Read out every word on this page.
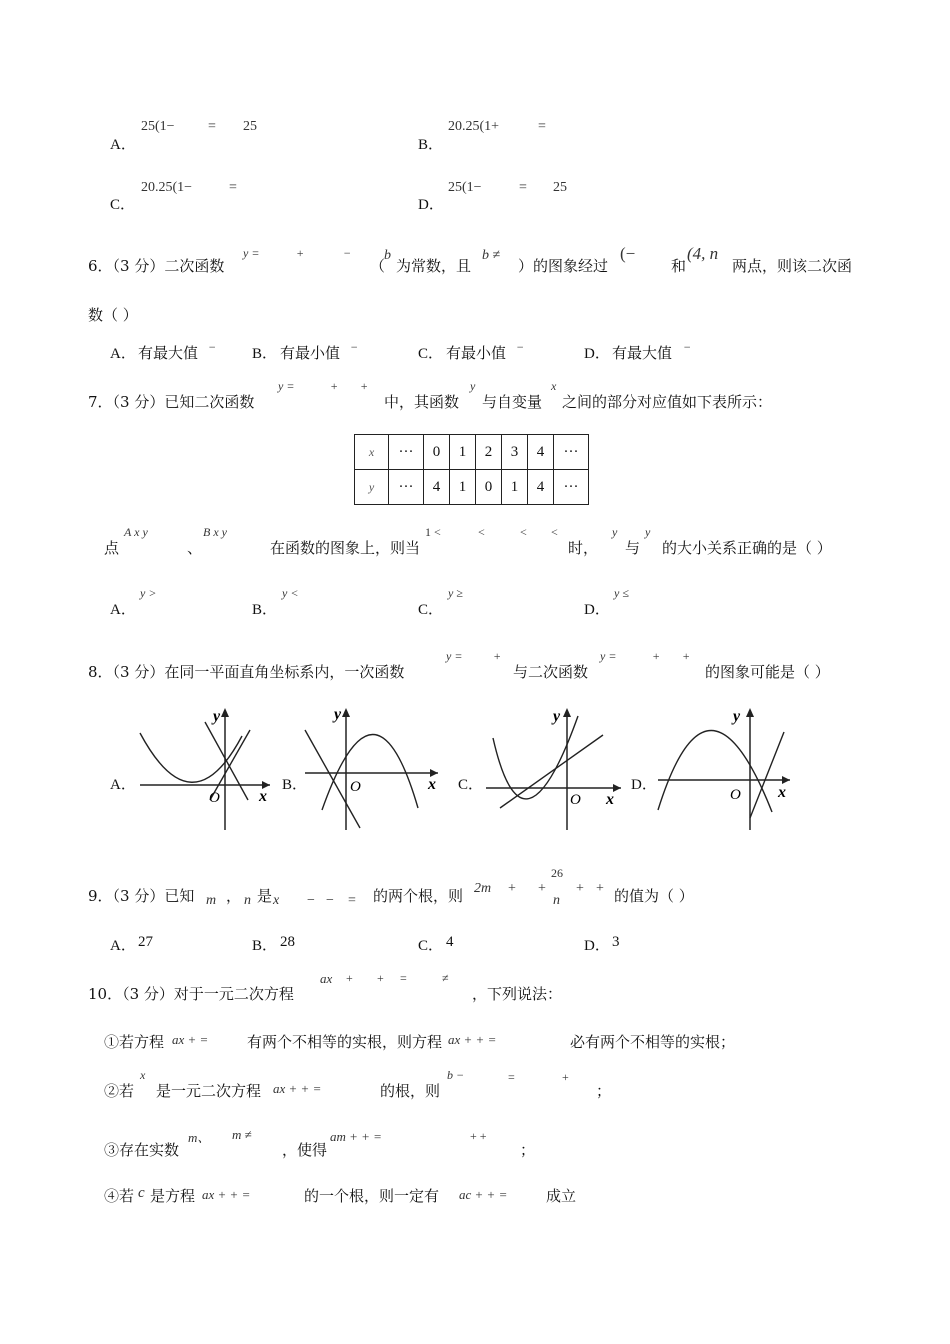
A．
25(1− = 25
B．
20.25(1+	=
C．
20.25(1−	=
D．
25(1−	= 25
6．（3 分）二次函数
y =	+	−
（
b
为常数，且
b ≠
）的图象经过
(−
和
(4, n
两点，则该二次函
数（ ）
A． 有最大值 − B． 有最小值 −	C． 有最小值 −	D． 有最大值 −
7．（3 分）已知二次函数
y =	+ +
中，其函数
y
与自变量
x
之间的部分对应值如下表所示：
x	···	0	1	2	3	4	···
y	···	4	1	0	1	4	···
点
A x y
、
B x y
在函数的图象上，则当
1 <	<	< <
时，
y
与
y
的大小关系正确的是（ ）
A．
y >
B．
y <
C．
y ≥
D．
y ≤
8．（3 分）在同一平面直角坐标系内，一次函数
y =	+
与二次函数
y =	+ +
的图象可能是（ ）
A．
O x
y
B．	O	x
y
C．
O x
y
D．
O x
y
9．（3 分）已知 m ， n 是 x − − = 的两个根，则 2m + +
26
n
+ + 的值为（ ）
A． 27	B． 28	C． 4	D． 3
10．（3 分）对于一元二次方程
ax + + =	≠
，下列说法：
①若方程 ax + =	有两个不相等的实根，则方程 ax + + =	必有两个不相等的实根；
②若
x
是一元二次方程 ax + + =	的根，则
b −	=	+
；
③存在实数
m、 m ≠
，使得
am + + =	+ +
；
④若 c 是方程 ax + + =	的一个根，则一定有 ac + + =	成立
